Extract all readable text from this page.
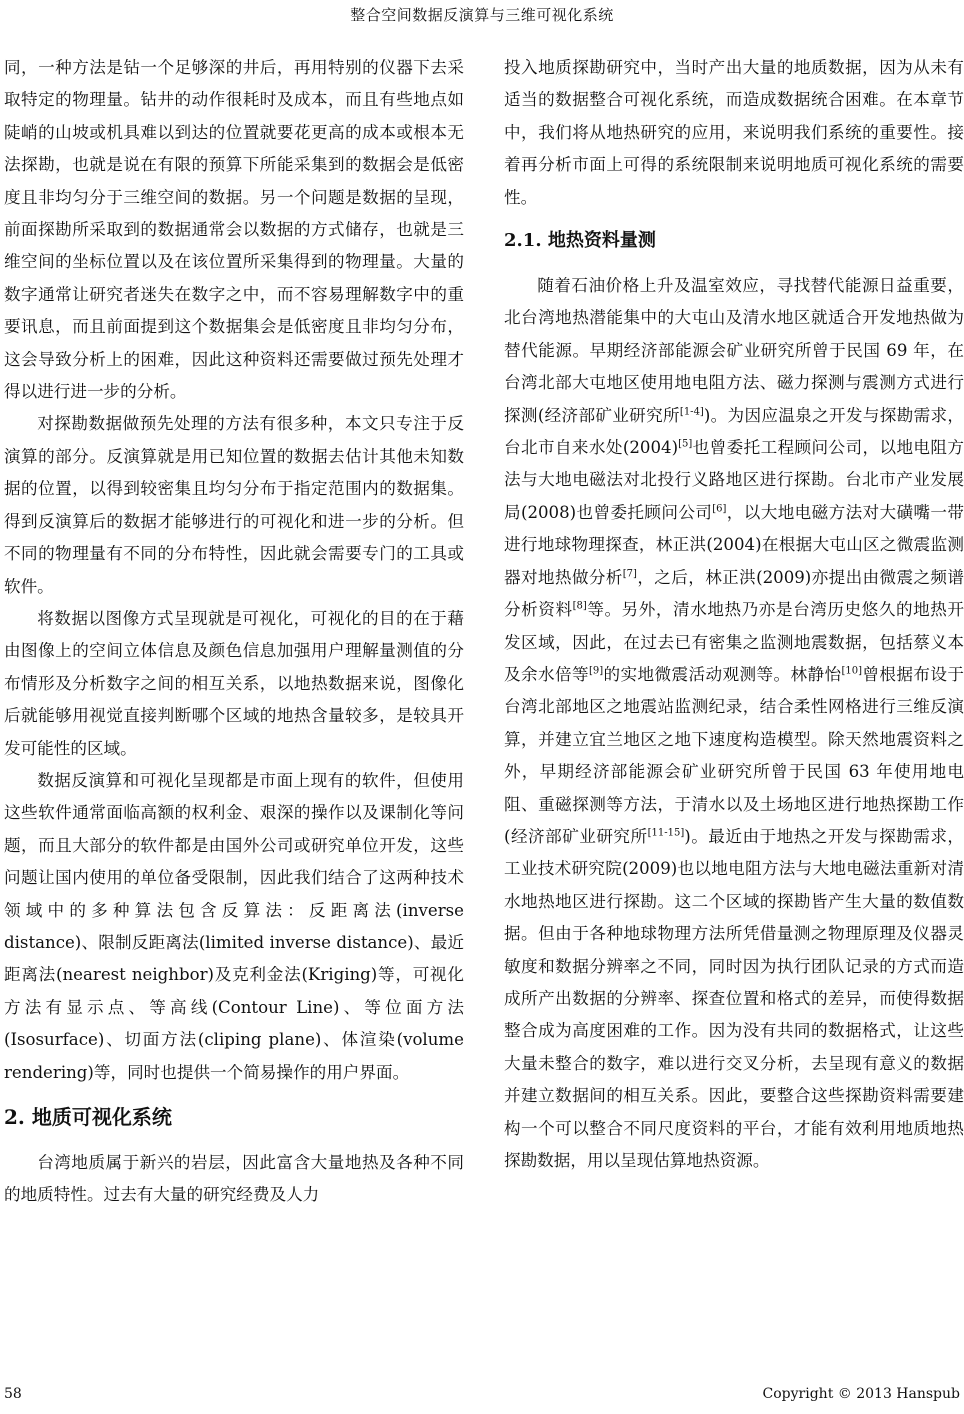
整合空间数据反演算与三维可视化系统

同，一种方法是钻一个足够深的井后，再用特别的仪器下去采取特定的物理量。钻井的动作很耗时及成本，而且有些地点如陡峭的山坡或机具难以到达的位置就要花更高的成本或根本无法探勘，也就是说在有限的预算下所能采集到的数据会是低密度且非均匀分于三维空间的数据。另一个问题是数据的呈现，前面探勘所采取到的数据通常会以数据的方式储存，也就是三维空间的坐标位置以及在该位置所采集得到的物理量。大量的数字通常让研究者迷失在数字之中，而不容易理解数字中的重要讯息，而且前面提到这个数据集会是低密度且非均匀分布，这会导致分析上的困难，因此这种资料还需要做过预先处理才得以进行进一步的分析。

对探勘数据做预先处理的方法有很多种，本文只专注于反演算的部分。反演算就是用已知位置的数据去估计其他未知数据的位置，以得到较密集且均匀分布于指定范围内的数据集。得到反演算后的数据才能够进行的可视化和进一步的分析。但不同的物理量有不同的分布特性，因此就会需要专门的工具或软件。

将数据以图像方式呈现就是可视化，可视化的目的在于藉由图像上的空间立体信息及颜色信息加强用户理解量测值的分布情形及分析数字之间的相互关系，以地热数据来说，图像化后就能够用视觉直接判断哪个区域的地热含量较多，是较具开发可能性的区域。

数据反演算和可视化呈现都是市面上现有的软件，但使用这些软件通常面临高额的权利金、艰深的操作以及课制化等问题，而且大部分的软件都是由国外公司或研究单位开发，这些问题让国内使用的单位备受限制，因此我们结合了这两种技术领域中的多种算法包含反算法：反距离法(inverse distance)、限制反距离法(limited inverse distance)、最近距离法(nearest neighbor)及克利金法(Kriging)等，可视化方法有显示点、等高线(Contour Line)、等位面方法(Isosurface)、切面方法(cliping plane)、体渲染(volume rendering)等，同时也提供一个简易操作的用户界面。

2. 地质可视化系统

台湾地质属于新兴的岩层，因此富含大量地热及各种不同的地质特性。过去有大量的研究经费及人力

投入地质探勘研究中，当时产出大量的地质数据，因为从未有适当的数据整合可视化系统，而造成数据统合困难。在本章节中，我们将从地热研究的应用，来说明我们系统的重要性。接着再分析市面上可得的系统限制来说明地质可视化系统的需要性。

2.1. 地热资料量测

随着石油价格上升及温室效应，寻找替代能源日益重要，北台湾地热潜能集中的大屯山及清水地区就适合开发地热做为替代能源。早期经济部能源会矿业研究所曾于民国 69 年，在台湾北部大屯地区使用地电阻方法、磁力探测与震测方式进行探测(经济部矿业研究所[1-4])。为因应温泉之开发与探勘需求，台北市自来水处(2004)[5]也曾委托工程顾问公司，以地电阻方法与大地电磁法对北投行义路地区进行探勘。台北市产业发展局(2008)也曾委托顾问公司[6]，以大地电磁方法对大磺嘴一带进行地球物理探查，林正洪(2004)在根据大屯山区之微震监测器对地热做分析[7]，之后，林正洪(2009)亦提出由微震之频谱分析资料[8]等。另外，清水地热乃亦是台湾历史悠久的地热开发区域，因此，在过去已有密集之监测地震数据，包括蔡义本及余水倍等[9]的实地微震活动观测等。林静怡[10]曾根据布设于台湾北部地区之地震站监测纪录，结合柔性网格进行三维反演算，并建立宜兰地区之地下速度构造模型。除天然地震资料之外，早期经济部能源会矿业研究所曾于民国 63 年使用地电阻、重磁探测等方法，于清水以及土场地区进行地热探勘工作(经济部矿业研究所[11-15])。最近由于地热之开发与探勘需求，工业技术研究院(2009)也以地电阻方法与大地电磁法重新对清水地热地区进行探勘。这二个区域的探勘皆产生大量的数值数据。但由于各种地球物理方法所凭借量测之物理原理及仪器灵敏度和数据分辨率之不同，同时因为执行团队记录的方式而造成所产出数据的分辨率、探查位置和格式的差异，而使得数据整合成为高度困难的工作。因为没有共同的数据格式，让这些大量未整合的数字，难以进行交叉分析，去呈现有意义的数据并建立数据间的相互关系。因此，要整合这些探勘资料需要建构一个可以整合不同尺度资料的平台，才能有效利用地质地热探勘数据，用以呈现估算地热资源。

58	Copyright © 2013 Hanspub
